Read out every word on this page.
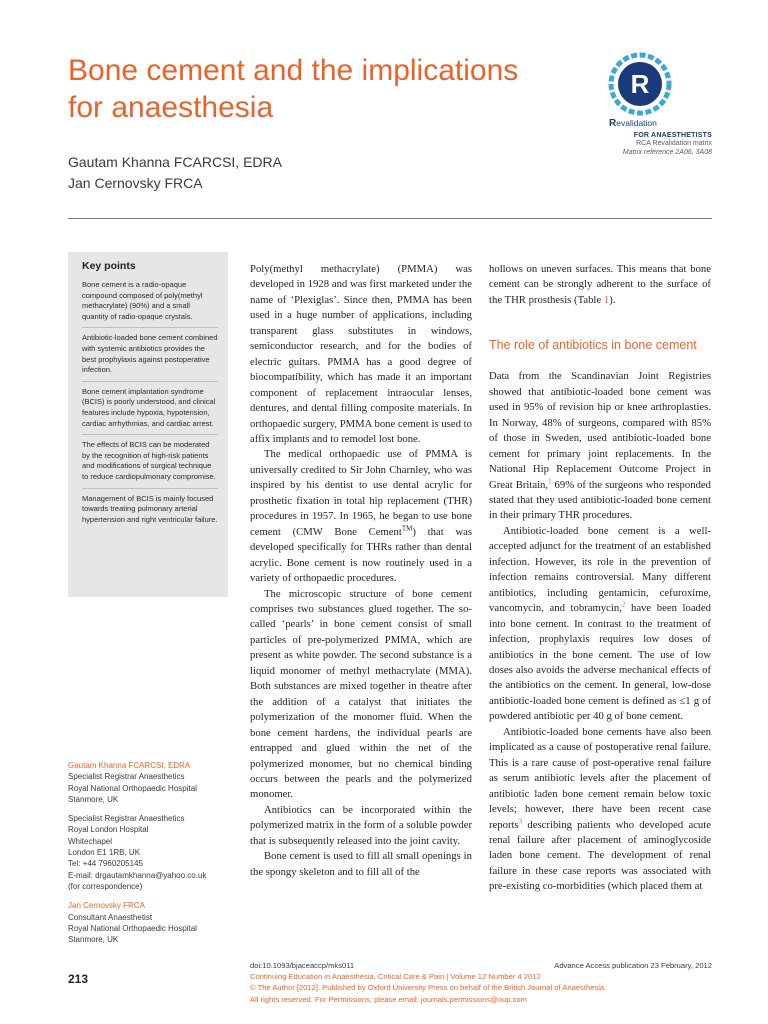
Bone cement and the implications for anaesthesia
Gautam Khanna FCARCSI, EDRA
Jan Cernovsky FRCA
R
Revalidation
FOR ANAESTHETISTS
RCA Revalidation matrix
Matrix reference 2A06, 3A08
Key points
Bone cement is a radio-opaque compound composed of poly(methyl methacrylate) (90%) and a small quantity of radio-opaque crystals.
Antibiotic-loaded bone cement combined with systemic antibiotics provides the best prophylaxis against postoperative infection.
Bone cement implantation syndrome (BCIS) is poorly understood, and clinical features include hypoxia, hypotension, cardiac arrhythmias, and cardiac arrest.
The effects of BCIS can be moderated by the recognition of high-risk patients and modifications of surgical technique to reduce cardiopulmonary compromise.
Management of BCIS is mainly focused towards treating pulmonary arterial hypertension and right ventricular failure.
Gautam Khanna FCARCSI, EDRA
Specialist Registrar Anaesthetics
Royal National Orthopaedic Hospital
Stanmore, UK
Specialist Registrar Anaesthetics
Royal London Hospital
Whitechapel
London E1 1RB, UK
Tel: +44 7960205145
E-mail: drgautamkhanna@yahoo.co.uk
(for correspondence)
Jan Cernovsky FRCA
Consultant Anaesthetist
Royal National Orthopaedic Hospital
Stanmore, UK

Poly(methyl methacrylate) (PMMA) was developed in 1928 and was first marketed under the name of ‘Plexiglas’. Since then, PMMA has been used in a huge number of applications, including transparent glass substitutes in windows, semiconductor research, and for the bodies of electric guitars. PMMA has a good degree of biocompatibility, which has made it an important component of replacement intraocular lenses, dentures, and dental filling composite materials. In orthopaedic surgery, PMMA bone cement is used to affix implants and to remodel lost bone.

The medical orthopaedic use of PMMA is universally credited to Sir John Charnley, who was inspired by his dentist to use dental acrylic for prosthetic fixation in total hip replacement (THR) procedures in 1957. In 1965, he began to use bone cement (CMW Bone Cement™) that was developed specifically for THRs rather than dental acrylic. Bone cement is now routinely used in a variety of orthopaedic procedures.

The microscopic structure of bone cement comprises two substances glued together. The so-called ‘pearls’ in bone cement consist of small particles of pre-polymerized PMMA, which are present as white powder. The second substance is a liquid monomer of methyl methacrylate (MMA). Both substances are mixed together in theatre after the addition of a catalyst that initiates the polymerization of the monomer fluid. When the bone cement hardens, the individual pearls are entrapped and glued within the net of the polymerized monomer, but no chemical binding occurs between the pearls and the polymerized monomer.

Antibiotics can be incorporated within the polymerized matrix in the form of a soluble powder that is subsequently released into the joint cavity.

Bone cement is used to fill all small openings in the spongy skeleton and to fill all of the

hollows on uneven surfaces. This means that bone cement can be strongly adherent to the surface of the THR prosthesis (Table 1).

The role of antibiotics in bone cement

Data from the Scandinavian Joint Registries showed that antibiotic-loaded bone cement was used in 95% of revision hip or knee arthroplasties. In Norway, 48% of surgeons, compared with 85% of those in Sweden, used antibiotic-loaded bone cement for primary joint replacements. In the National Hip Replacement Outcome Project in Great Britain,$^1$ 69% of the surgeons who responded stated that they used antibiotic-loaded bone cement in their primary THR procedures.

Antibiotic-loaded bone cement is a well-accepted adjunct for the treatment of an established infection. However, its role in the prevention of infection remains controversial. Many different antibiotics, including gentamicin, cefuroxime, vancomycin, and tobramycin,$^2$ have been loaded into bone cement. In contrast to the treatment of infection, prophylaxis requires low doses of antibiotics in the bone cement. The use of low doses also avoids the adverse mechanical effects of the antibiotics on the cement. In general, low-dose antibiotic-loaded bone cement is defined as ≤1 g of powdered antibiotic per 40 g of bone cement.

Antibiotic-loaded bone cements have also been implicated as a cause of postoperative renal failure. This is a rare cause of post-operative renal failure as serum antibiotic levels after the placement of antibiotic laden bone cement remain below toxic levels; however, there have been recent case reports$^3$ describing patients who developed acute renal failure after placement of aminoglycoside laden bone cement. The development of renal failure in these case reports was associated with pre-existing co-morbidities (which placed them at

213
doi:10.1093/bjaceaccp/mks011	Advance Access publication 23 February, 2012
Continuing Education in Anaesthesia, Critical Care & Pain | Volume 12 Number 4 2012
© The Author [2012]. Published by Oxford University Press on behalf of the British Journal of Anaesthesia.
All rights reserved. For Permissions, please email: journals.permissions@oup.com
